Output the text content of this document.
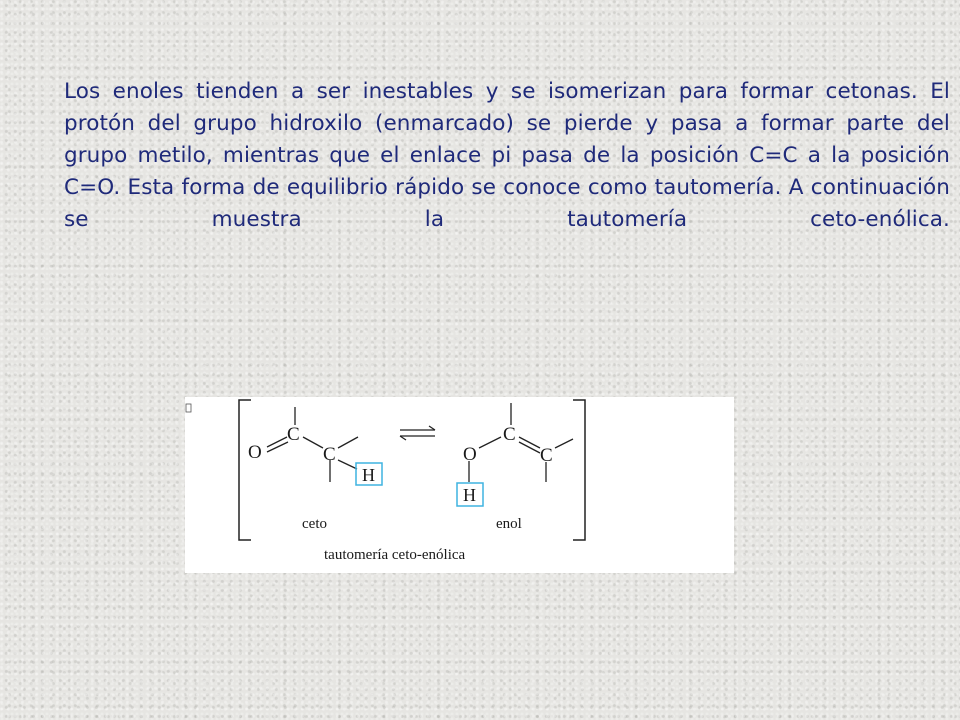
Los enoles tienden a ser inestables y se isomerizan para formar cetonas. El protón del grupo hidroxilo (enmarcado) se pierde y pasa a formar parte del grupo metilo, mientras que el enlace pi pasa de la posición C=C a la posición C=O. Esta forma de equilibrio rápido se conoce como tautomería. A continuación se muestra la tautomería ceto-enólica.

O
C
C
H
O
C
C
H
ceto	enol
tautomería ceto-enólica
